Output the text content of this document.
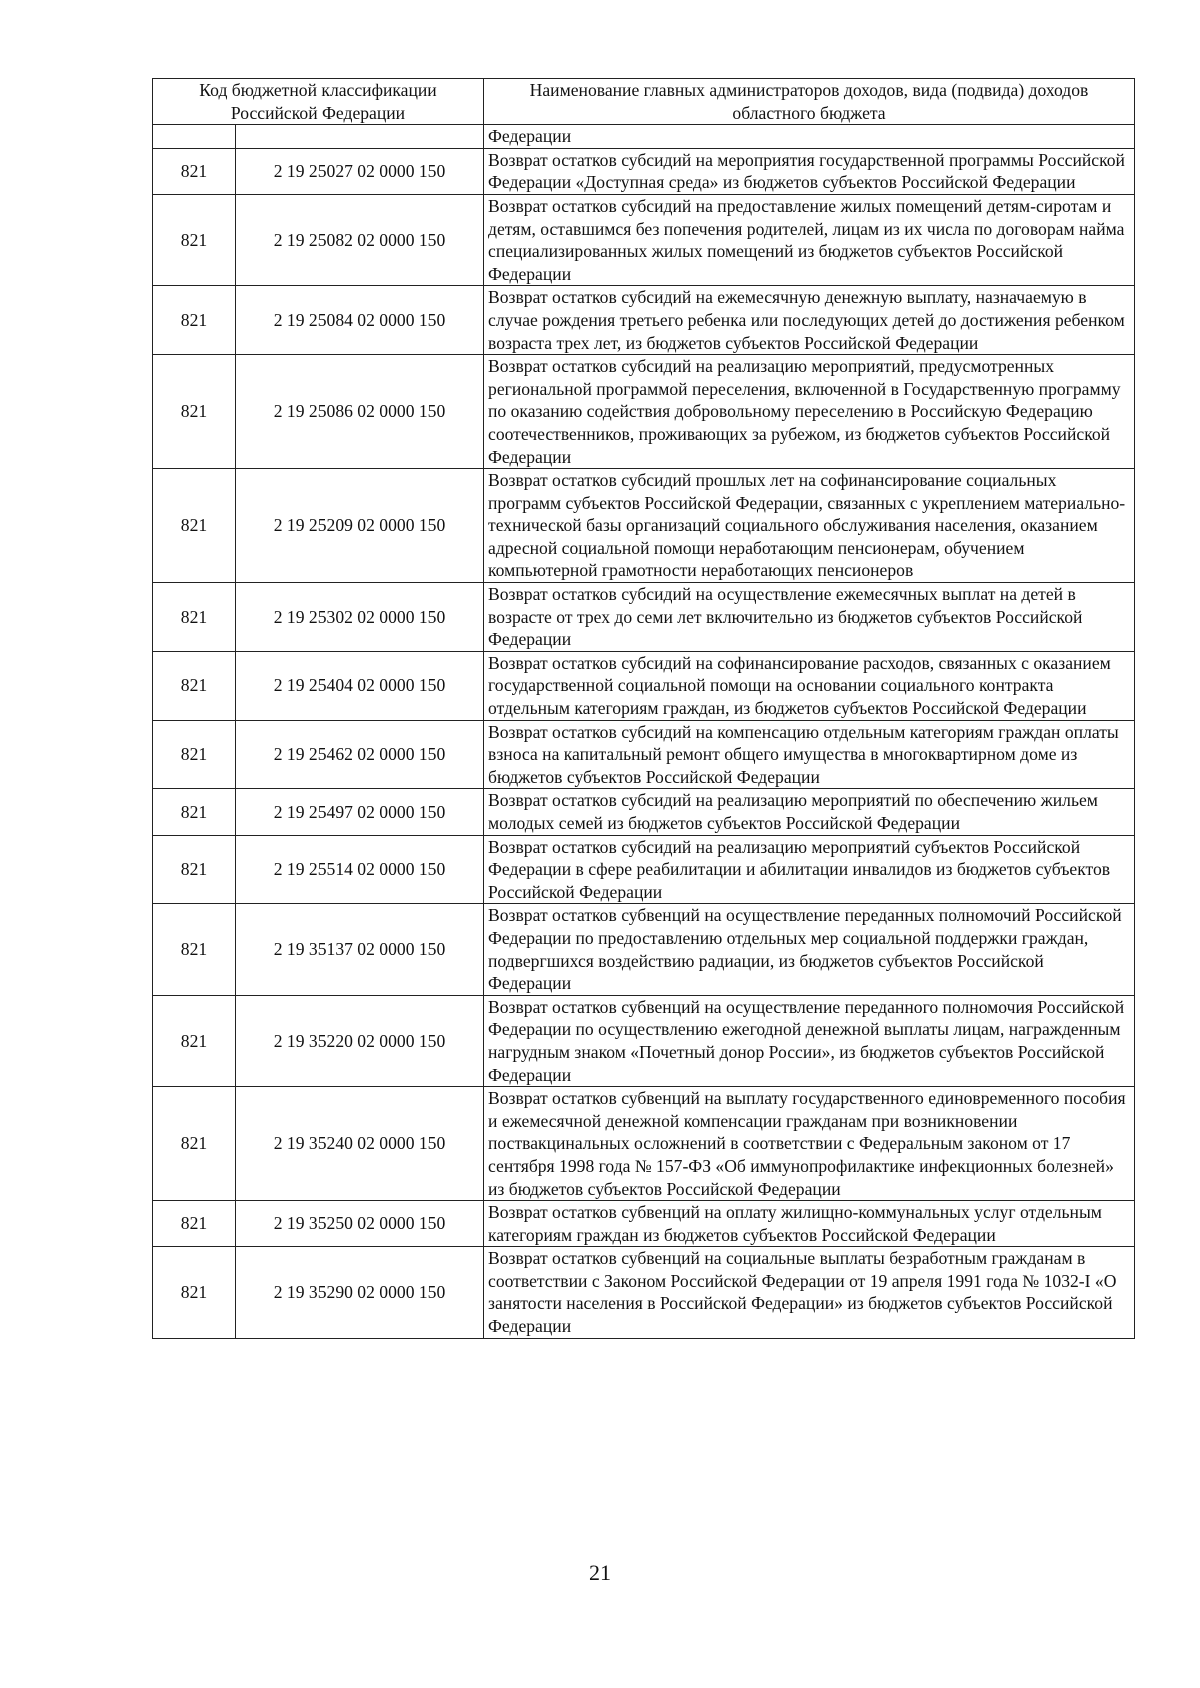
Код бюджетной классификации Российской Федерации		Наименование главных администраторов доходов, вида (подвида) доходов областного бюджета
		Федерации
821	2 19 25027 02 0000 150	Возврат остатков субсидий на мероприятия государственной программы Российской Федерации «Доступная среда» из бюджетов субъектов Российской Федерации
821	2 19 25082 02 0000 150	Возврат остатков субсидий на предоставление жилых помещений детям-сиротам и детям, оставшимся без попечения родителей, лицам из их числа по договорам найма специализированных жилых помещений из бюджетов субъектов Российской Федерации
821	2 19 25084 02 0000 150	Возврат остатков субсидий на ежемесячную денежную выплату, назначаемую в случае рождения третьего ребенка или последующих детей до достижения ребенком возраста трех лет, из бюджетов субъектов Российской Федерации
821	2 19 25086 02 0000 150	Возврат остатков субсидий на реализацию мероприятий, предусмотренных региональной программой переселения, включенной в Государственную программу по оказанию содействия добровольному переселению в Российскую Федерацию соотечественников, проживающих за рубежом, из бюджетов субъектов Российской Федерации
821	2 19 25209 02 0000 150	Возврат остатков субсидий прошлых лет на софинансирование социальных программ субъектов Российской Федерации, связанных с укреплением материально-технической базы организаций социального обслуживания населения, оказанием адресной социальной помощи неработающим пенсионерам, обучением компьютерной грамотности неработающих пенсионеров
821	2 19 25302 02 0000 150	Возврат остатков субсидий на осуществление ежемесячных выплат на детей в возрасте от трех до семи лет включительно из бюджетов субъектов Российской Федерации
821	2 19 25404 02 0000 150	Возврат остатков субсидий на софинансирование расходов, связанных с оказанием государственной социальной помощи на основании социального контракта отдельным категориям граждан, из бюджетов субъектов Российской Федерации
821	2 19 25462 02 0000 150	Возврат остатков субсидий на компенсацию отдельным категориям граждан оплаты взноса на капитальный ремонт общего имущества в многоквартирном доме из бюджетов субъектов Российской Федерации
821	2 19 25497 02 0000 150	Возврат остатков субсидий на реализацию мероприятий по обеспечению жильем молодых семей из бюджетов субъектов Российской Федерации
821	2 19 25514 02 0000 150	Возврат остатков субсидий на реализацию мероприятий субъектов Российской Федерации в сфере реабилитации и абилитации инвалидов из бюджетов субъектов Российской Федерации
821	2 19 35137 02 0000 150	Возврат остатков субвенций на осуществление переданных полномочий Российской Федерации по предоставлению отдельных мер социальной поддержки граждан, подвергшихся воздействию радиации, из бюджетов субъектов Российской Федерации
821	2 19 35220 02 0000 150	Возврат остатков субвенций на осуществление переданного полномочия Российской Федерации по осуществлению ежегодной денежной выплаты лицам, награжденным нагрудным знаком «Почетный донор России», из бюджетов субъектов Российской Федерации
821	2 19 35240 02 0000 150	Возврат остатков субвенций на выплату государственного единовременного пособия и ежемесячной денежной компенсации гражданам при возникновении поствакцинальных осложнений в соответствии с Федеральным законом от 17 сентября 1998 года № 157-ФЗ «Об иммунопрофилактике инфекционных болезней» из бюджетов субъектов Российской Федерации
821	2 19 35250 02 0000 150	Возврат остатков субвенций на оплату жилищно-коммунальных услуг отдельным категориям граждан из бюджетов субъектов Российской Федерации
821	2 19 35290 02 0000 150	Возврат остатков субвенций на социальные выплаты безработным гражданам в соответствии с Законом Российской Федерации от 19 апреля 1991 года № 1032-I «О занятости населения в Российской Федерации» из бюджетов субъектов Российской Федерации
21
